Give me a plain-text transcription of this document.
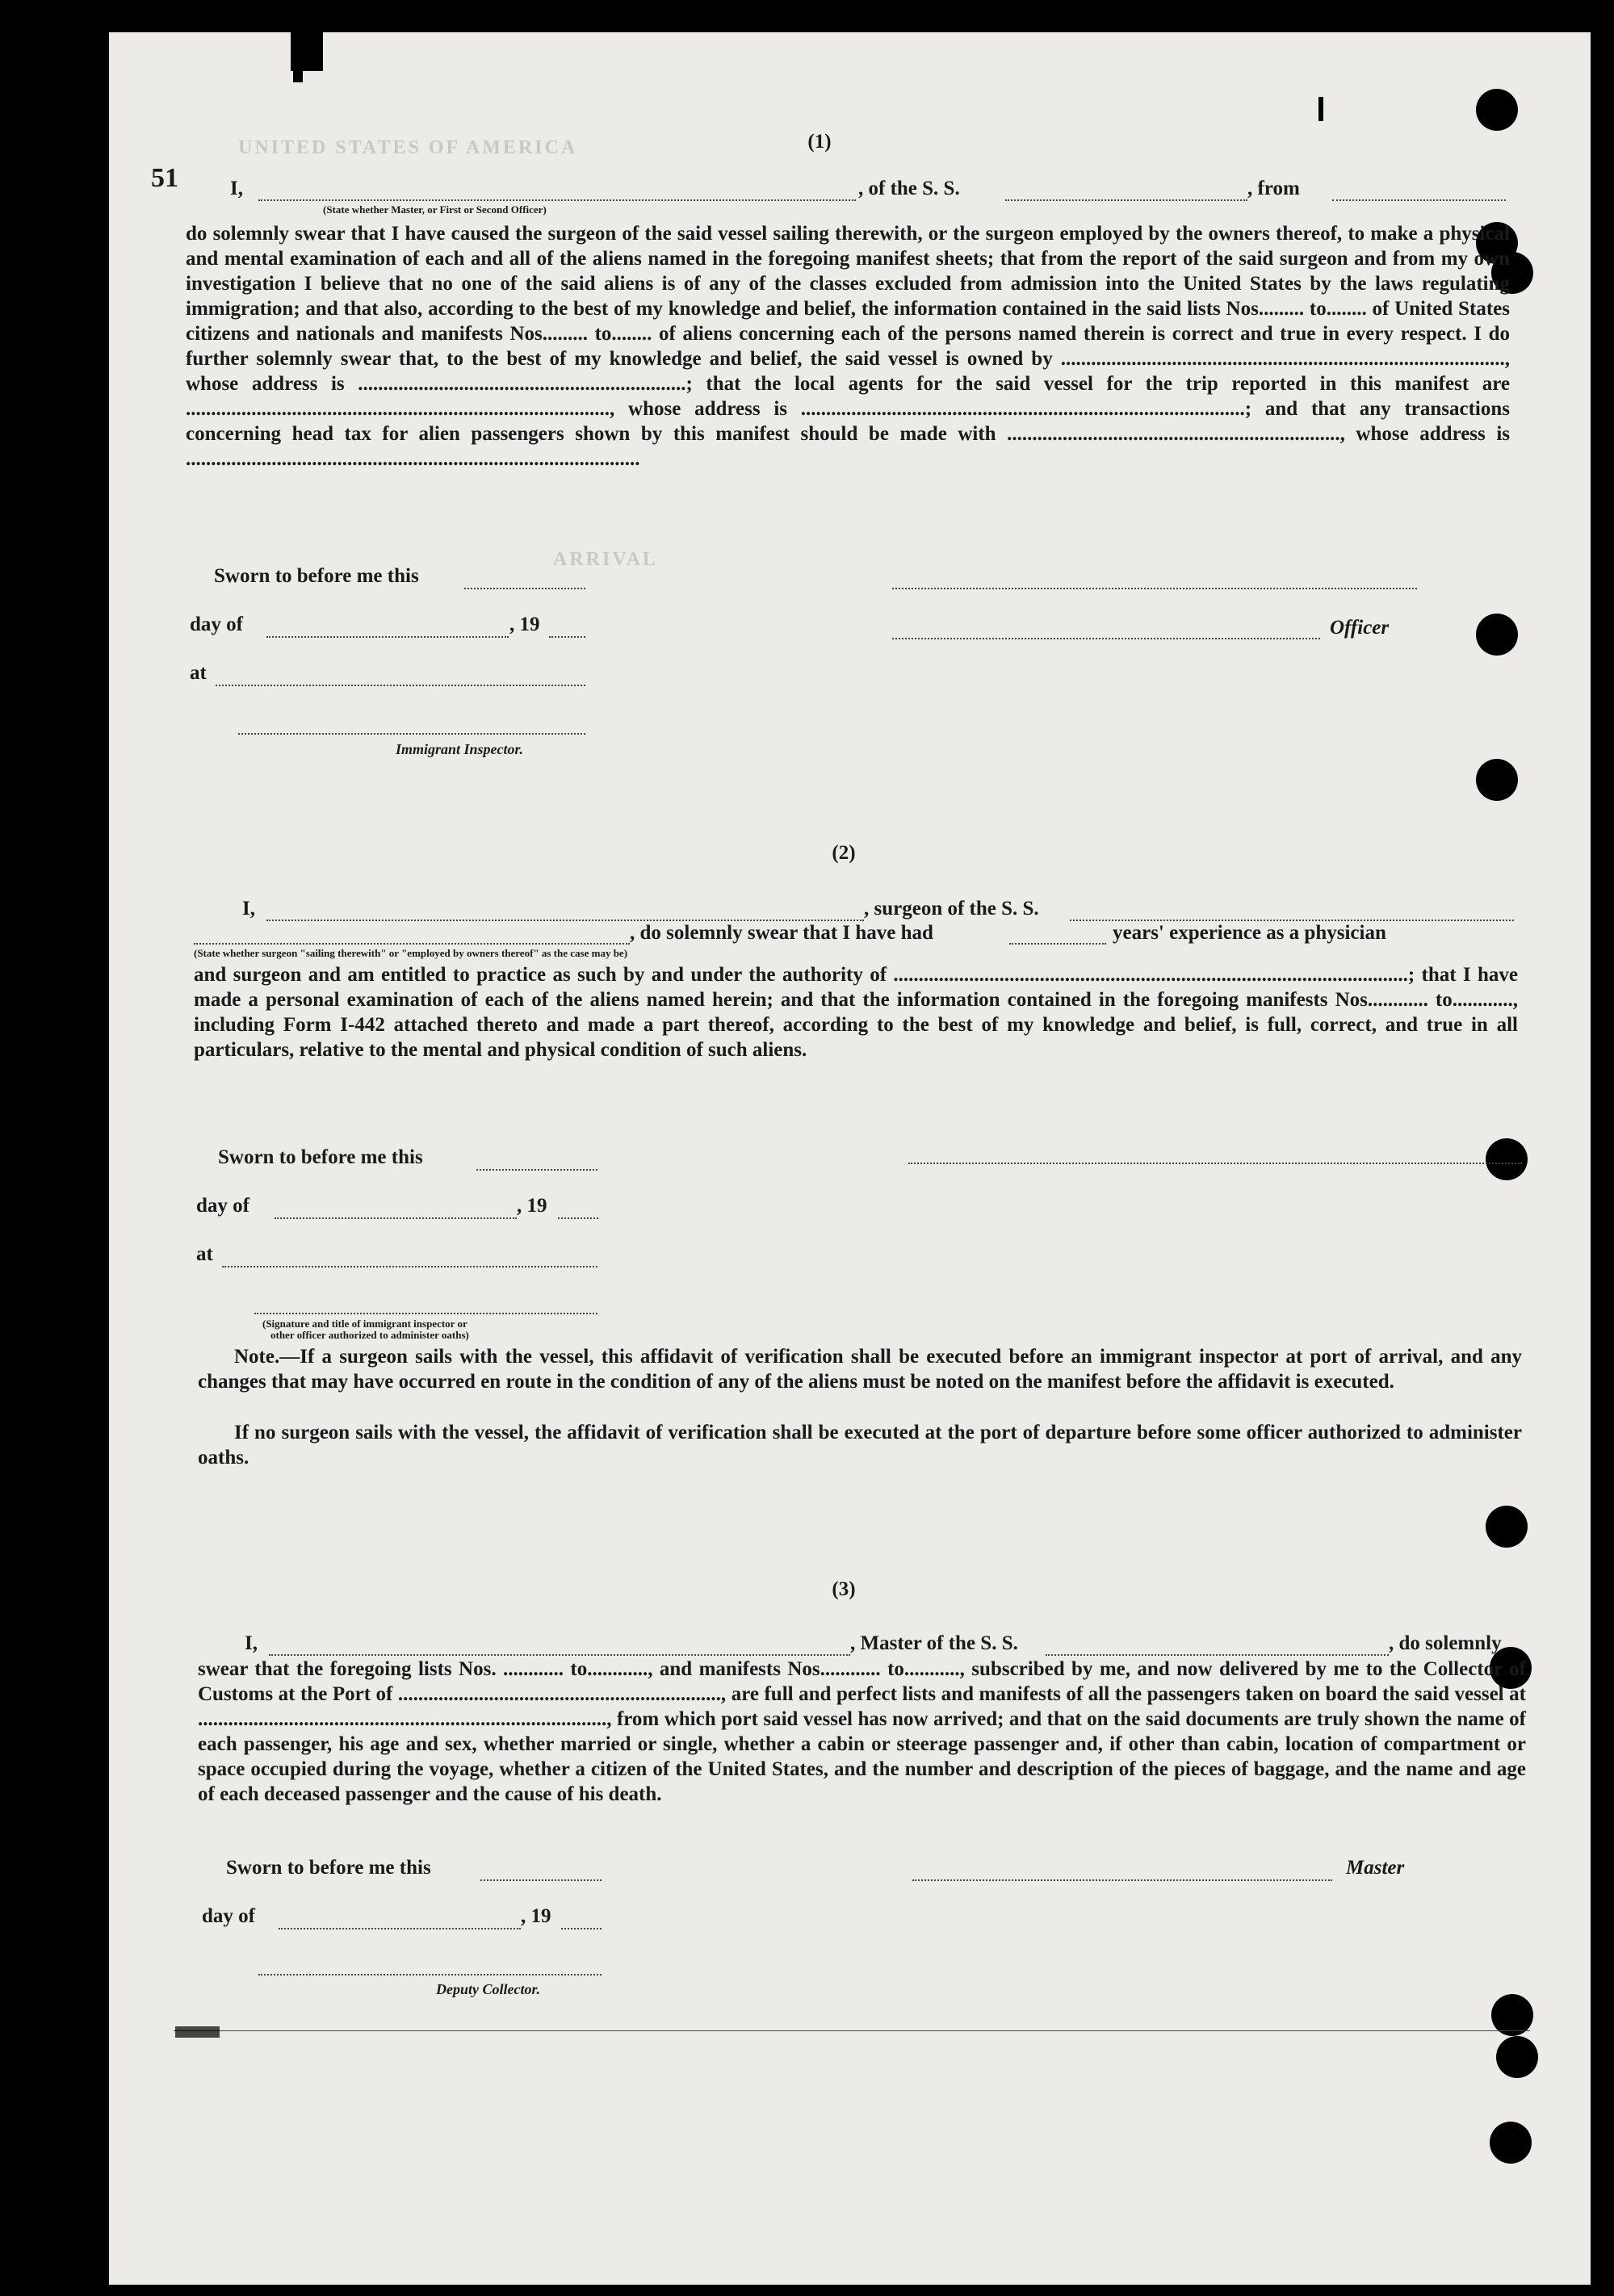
UNITED STATES OF AMERICA
ARRIVAL
51
(1)
I,	, of the S. S.	, from
(State whether Master, or First or Second Officer)
do solemnly swear that I have caused the surgeon of the said vessel sailing therewith, or the surgeon employed by the owners thereof, to make a physical and mental examination of each and all of the aliens named in the foregoing manifest sheets; that from the report of the said surgeon and from my own investigation I believe that no one of the said aliens is of any of the classes excluded from admission into the United States by the laws regulating immigration; and that also, according to the best of my knowledge and belief, the information contained in the said lists Nos......... to........ of United States citizens and nationals and manifests Nos......... to........ of aliens concerning each of the persons named therein is correct and true in every respect. I do further solemnly swear that, to the best of my knowledge and belief, the said vessel is owned by ........................................................................................, whose address is .................................................................; that the local agents for the said vessel for the trip reported in this manifest are ...................................................................................., whose address is ........................................................................................; and that any transactions concerning head tax for alien passengers shown by this manifest should be made with .................................................................., whose address is ..........................................................................................
Sworn to before me this
day of	, 19	Officer
at
Immigrant Inspector.
(2)
I,	, surgeon of the S. S.
, do solemnly swear that I have had	years' experience as a physician
(State whether surgeon "sailing therewith" or "employed by owners thereof" as the case may be)
and surgeon and am entitled to practice as such by and under the authority of ......................................................................................................; that I have made a personal examination of each of the aliens named herein; and that the information contained in the foregoing manifests Nos............ to............, including Form I-442 attached thereto and made a part thereof, according to the best of my knowledge and belief, is full, correct, and true in all particulars, relative to the mental and physical condition of such aliens.
Sworn to before me this
day of	, 19
at
(Signature and title of immigrant inspector or
other officer authorized to administer oaths)
Note.—If a surgeon sails with the vessel, this affidavit of verification shall be executed before an immigrant inspector at port of arrival, and any changes that may have occurred en route in the condition of any of the aliens must be noted on the manifest before the affidavit is executed.
If no surgeon sails with the vessel, the affidavit of verification shall be executed at the port of departure before some officer authorized to administer oaths.
(3)
I,	, Master of the S. S.	, do solemnly
swear that the foregoing lists Nos. ............ to............, and manifests Nos............ to..........., subscribed by me, and now delivered by me to the Collector of Customs at the Port of ................................................................, are full and perfect lists and manifests of all the passengers taken on board the said vessel at ................................................................................., from which port said vessel has now arrived; and that on the said documents are truly shown the name of each passenger, his age and sex, whether married or single, whether a cabin or steerage passenger and, if other than cabin, location of compartment or space occupied during the voyage, whether a citizen of the United States, and the number and description of the pieces of baggage, and the name and age of each deceased passenger and the cause of his death.
Sworn to before me this	Master
day of	, 19
Deputy Collector.
